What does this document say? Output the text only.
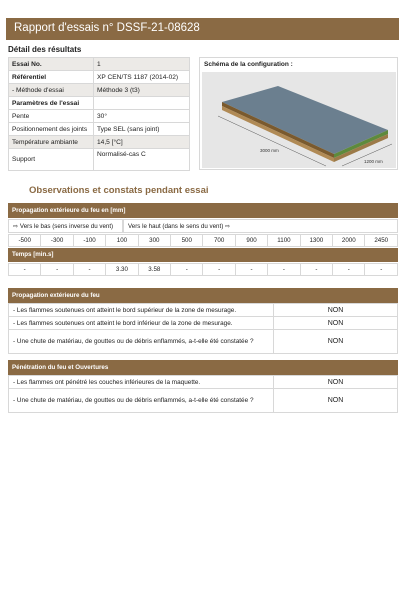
Rapport d'essais n° DSSF-21-08628
Détail des résultats
Essai No.	1
Référentiel	XP CEN/TS 1187 (2014-02)
- Méthode d'essai	Méthode 3 (t3)
Paramètres de l'essai	
Pente	30°
Positionnement des joints	Type SEL (sans joint)
Température ambiante	14,5 [°C]
Support	Normalisé-cas C
Schéma de la configuration :
3000 mm
1200 mm
Observations et constats pendant essai
Propagation extérieure du feu en [mm]
⇨ Vers le bas (sens inverse du vent)	Vers le haut (dans le sens du vent) ⇨
-500	-300	-100	100	300	500	700	900	1100	1300	2000	2450
Temps [min.s]
-	-	-	3.30	3.58	-	-	-	-	-	-	-
Propagation extérieure du feu
- Les flammes soutenues ont atteint le bord supérieur de la zone de mesurage.	NON
- Les flammes soutenues ont atteint le bord inférieur de la zone de mesurage.	NON
- Une chute de matériau, de gouttes ou de débris enflammés, a-t-elle été constatée ?	NON
Pénétration du feu et Ouvertures
- Les flammes ont pénétré les couches inférieures de la maquette.	NON
- Une chute de matériau, de gouttes ou de débris enflammés, a-t-elle été constatée ?	NON
